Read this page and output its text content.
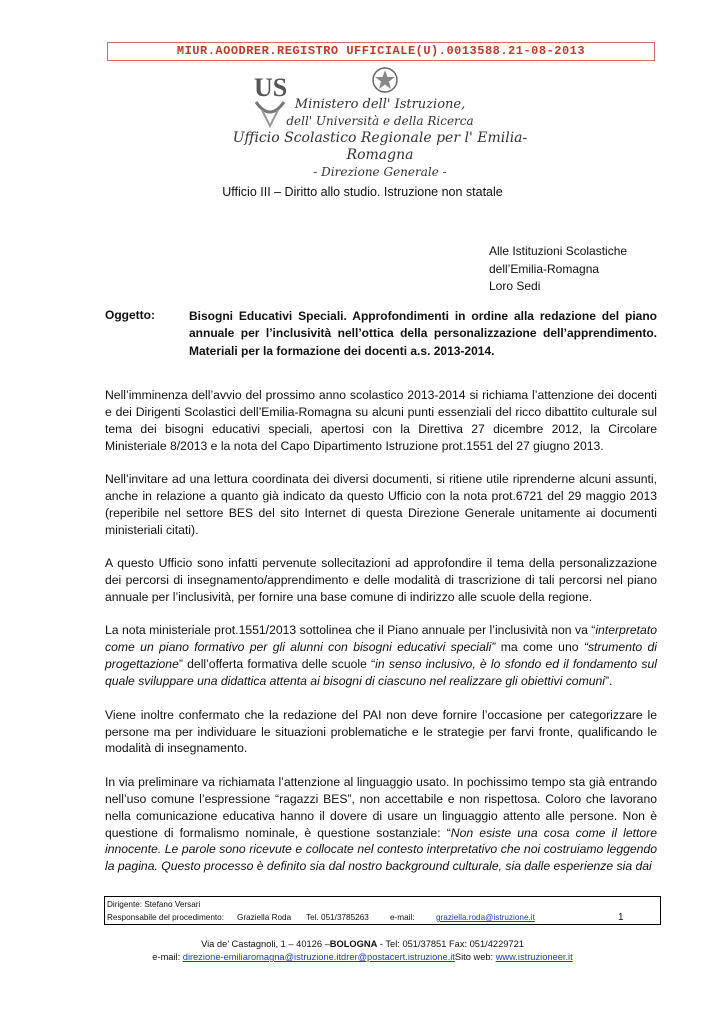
MIUR.AOODRER.REGISTRO UFFICIALE(U).0013588.21-08-2013
US
Ministero dell' Istruzione,
dell' Università e della Ricerca
Ufficio Scolastico Regionale per l' Emilia-Romagna
- Direzione Generale -
Ufficio III – Diritto allo studio. Istruzione non statale
Alle Istituzioni Scolastiche
dell’Emilia-Romagna
Loro Sedi
Oggetto:	Bisogni Educativi Speciali. Approfondimenti in ordine alla redazione del piano annuale per l’inclusività nell’ottica della personalizzazione dell’apprendimento. Materiali per la formazione dei docenti a.s. 2013-2014.

Nell’imminenza dell’avvio del prossimo anno scolastico 2013-2014 si richiama l’attenzione dei docenti e dei Dirigenti Scolastici dell’Emilia-Romagna su alcuni punti essenziali del ricco dibattito culturale sul tema dei bisogni educativi speciali, apertosi con la Direttiva 27 dicembre 2012, la Circolare Ministeriale 8/2013 e la nota del Capo Dipartimento Istruzione prot.1551 del 27 giugno 2013.

Nell’invitare ad una lettura coordinata dei diversi documenti, si ritiene utile riprenderne alcuni assunti, anche in relazione a quanto già indicato da questo Ufficio con la nota prot.6721 del 29 maggio 2013 (reperibile nel settore BES del sito Internet di questa Direzione Generale unitamente ai documenti ministeriali citati).

A questo Ufficio sono infatti pervenute sollecitazioni ad approfondire il tema della personalizzazione dei percorsi di insegnamento/apprendimento e delle modalità di trascrizione di tali percorsi nel piano annuale per l’inclusività, per fornire una base comune di indirizzo alle scuole della regione.

La nota ministeriale prot.1551/2013 sottolinea che il Piano annuale per l’inclusività non va “interpretato come un piano formativo per gli alunni con bisogni educativi speciali” ma come uno “strumento di progettazione” dell’offerta formativa delle scuole “in senso inclusivo, è lo sfondo ed il fondamento sul quale sviluppare una didattica attenta ai bisogni di ciascuno nel realizzare gli obiettivi comuni”.

Viene inoltre confermato che la redazione del PAI non deve fornire l’occasione per categorizzare le persone ma per individuare le situazioni problematiche e le strategie per farvi fronte, qualificando le modalità di insegnamento.

In via preliminare va richiamata l’attenzione al linguaggio usato. In pochissimo tempo sta già entrando nell’uso comune l’espressione “ragazzi BES”, non accettabile e non rispettosa. Coloro che lavorano nella comunicazione educativa hanno il dovere di usare un linguaggio attento alle persone. Non è questione di formalismo nominale, è questione sostanziale: “Non esiste una cosa come il lettore innocente. Le parole sono ricevute e collocate nel contesto interpretativo che noi costruiamo leggendo la pagina. Questo processo è definito sia dal nostro background culturale, sia dalle esperienze sia dai

Dirigente: Stefano Versari
Responsabile del procedimento: Graziella Roda Tel. 051/3785263	e-mail:	graziella.roda@istruzione.it	1
Via de’ Castagnoli, 1 – 40126 –BOLOGNA - Tel: 051/37851 Fax: 051/4229721
e-mail: direzione-emiliaromagna@istruzione.itdrer@postacert.istruzione.itSito web: www.istruzioneer.it
